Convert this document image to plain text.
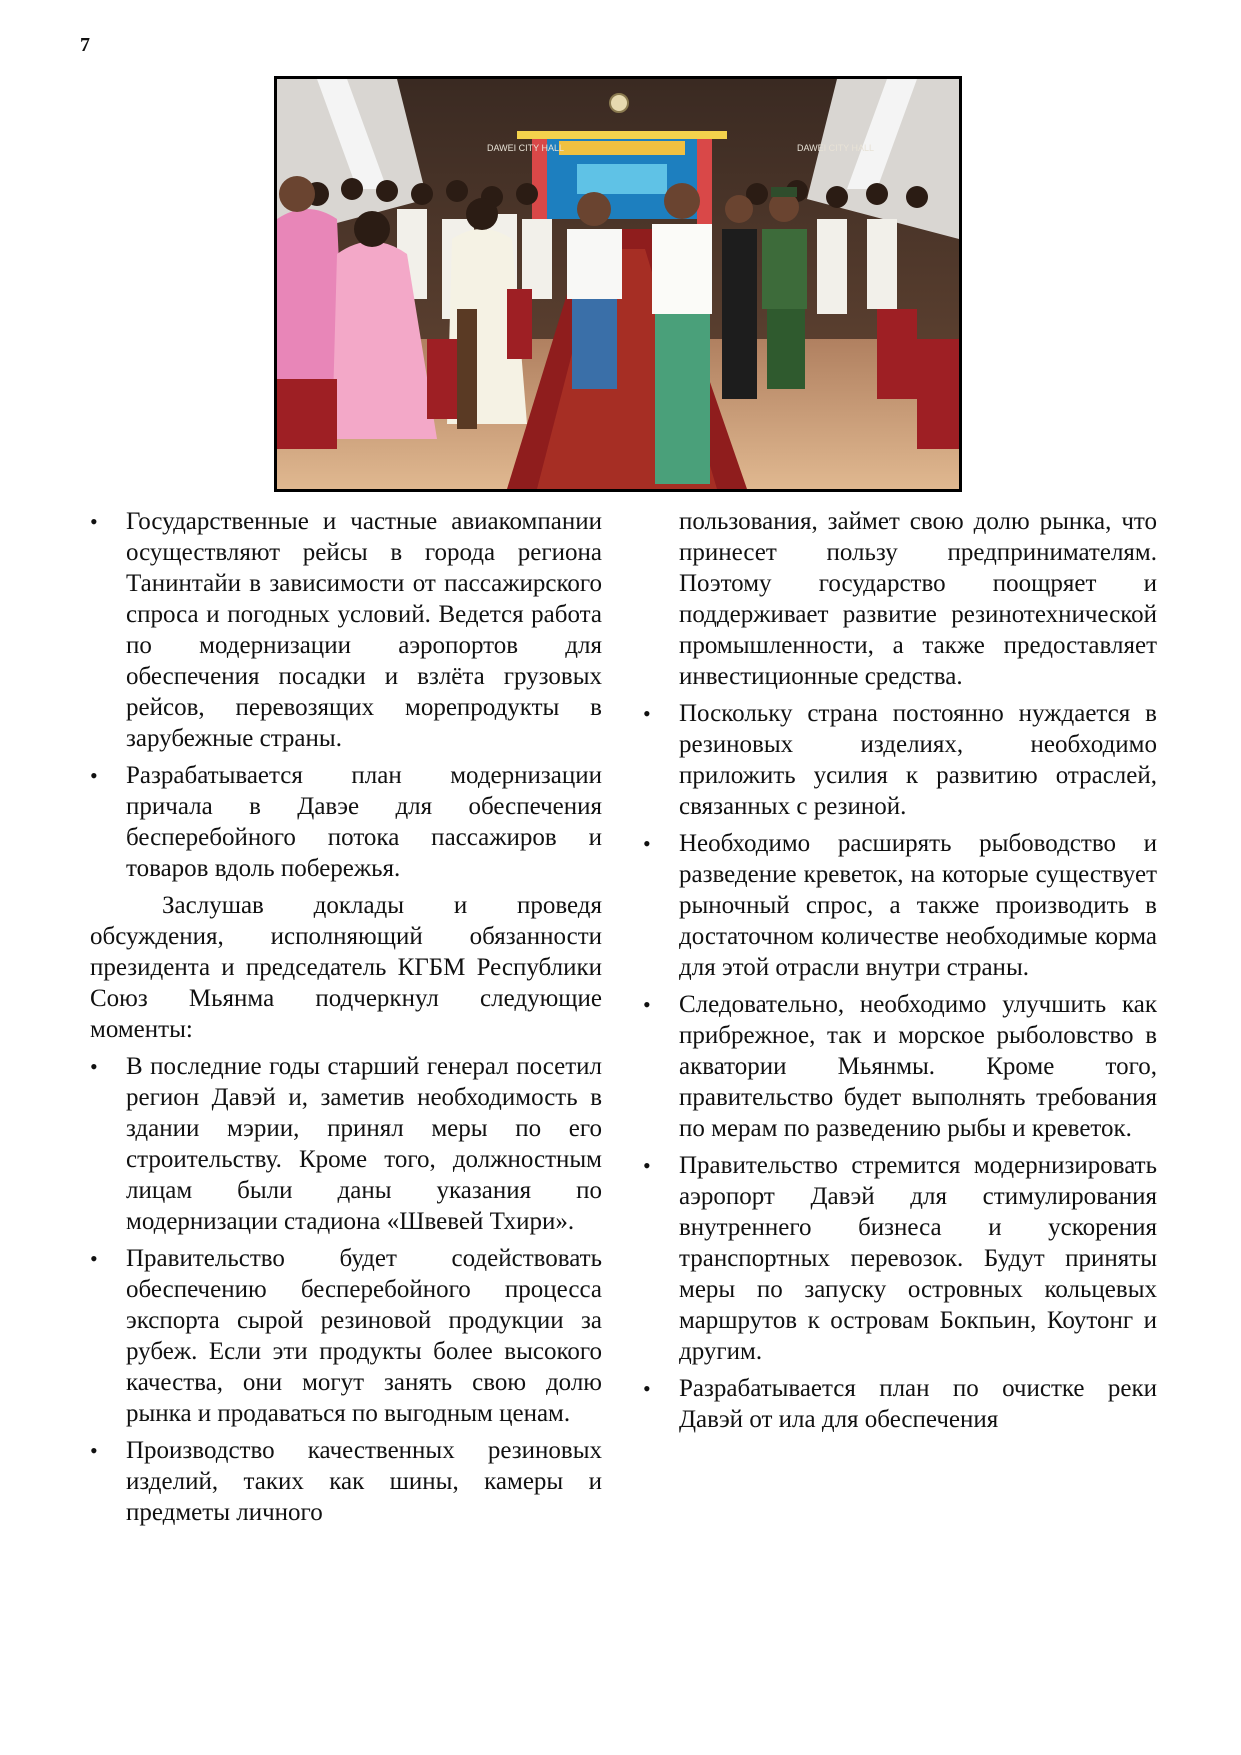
7
DAWEI CITY HALL	DAWEI CITY HALL
• Государственные и частные авиакомпании осуществляют рейсы в города региона Танинтайи в зависимости от пассажирского спроса и погодных условий. Ведется работа по модернизации аэропортов для обеспечения посадки и взлёта грузовых рейсов, перевозящих морепродукты в зарубежные страны.
• Разрабатывается план модернизации причала в Давэе для обеспечения бесперебойного потока пассажиров и товаров вдоль побережья.

Заслушав доклады и проведя обсуждения, исполняющий обязанности президента и председатель КГБМ Республики Союз Мьянма подчеркнул следующие моменты:

• В последние годы старший генерал посетил регион Давэй и, заметив необходимость в здании мэрии, принял меры по его строительству. Кроме того, должностным лицам были даны указания по модернизации стадиона «Швевей Тхири».
• Правительство будет содействовать обеспечению бесперебойного процесса экспорта сырой резиновой продукции за рубеж. Если эти продукты более высокого качества, они могут занять свою долю рынка и продаваться по выгодным ценам.
• Производство качественных резиновых изделий, таких как шины, камеры и предметы личного
пользования, займет свою долю рынка, что принесет пользу предпринимателям. Поэтому государство поощряет и поддерживает развитие резинотехнической промышленности, а также предоставляет инвестиционные средства.
• Поскольку страна постоянно нуждается в резиновых изделиях, необходимо приложить усилия к развитию отраслей, связанных с резиной.
• Необходимо расширять рыбоводство и разведение креветок, на которые существует рыночный спрос, а также производить в достаточном количестве необходимые корма для этой отрасли внутри страны.
• Следовательно, необходимо улучшить как прибрежное, так и морское рыболовство в акватории Мьянмы. Кроме того, правительство будет выполнять требования по мерам по разведению рыбы и креветок.
• Правительство стремится модернизировать аэропорт Давэй для стимулирования внутреннего бизнеса и ускорения транспортных перевозок. Будут приняты меры по запуску островных кольцевых маршрутов к островам Бокпьин, Коутонг и другим.
• Разрабатывается план по очистке реки Давэй от ила для обеспечения
